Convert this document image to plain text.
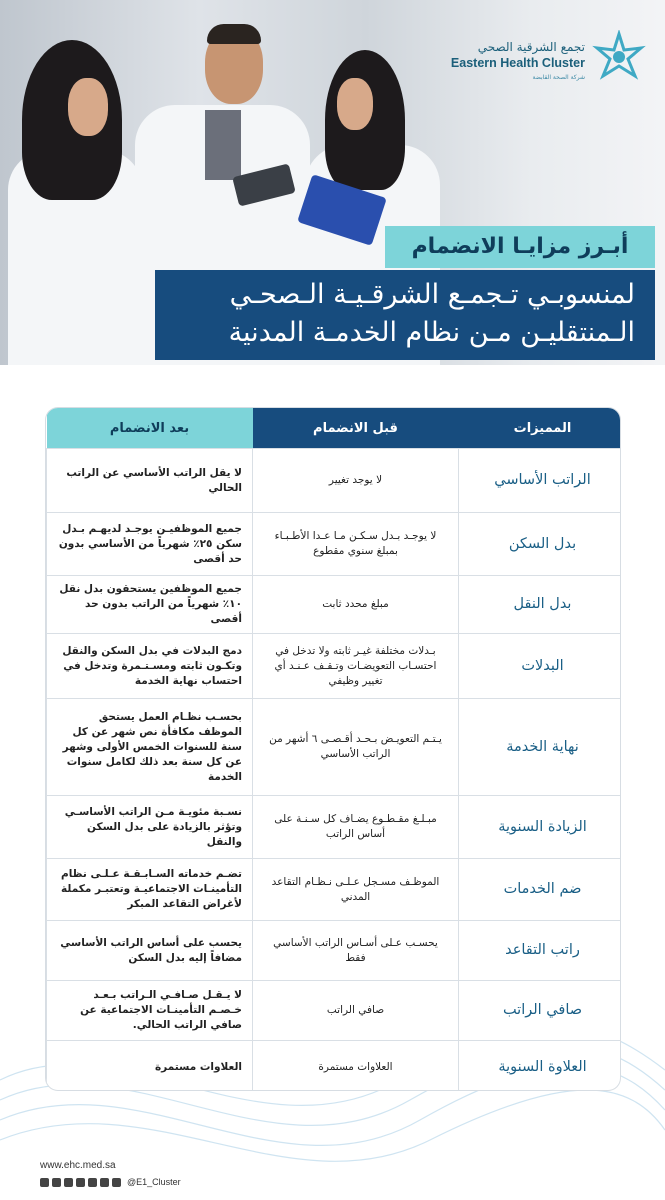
تجمع الشرقية الصحي
Eastern Health Cluster
شركة الصحة القابضة
أبـرز مزايـا الانضمام
لمنسوبـي تـجمـع الشرقـيـة الـصحـي
الـمنتقليـن مـن نظام الخدمـة المدنية
المميزات	قبل الانضمام	بعد الانضمام
الراتب الأساسي	لا يوجد تغيير	لا يقل الراتب الأساسي عن الراتب الحالي
بدل السكن	لا يوجـد بـدل سـكـن مـا عـدا الأطـبـاء بمبلغ سنوي مقطوع	جميع الموظفيـن يوجـد لديهـم بـدل سكن ٢٥٪ شهرياً من الأساسي بدون حد أقصى
بدل النقل	مبلغ محدد ثابت	جميع الموظفين يستحقون بدل نقل ١٠٪ شهرياً من الراتب بدون حد أقصى
البدلات	بـدلات مختلفة غيـر ثابته ولا تدخل في احتسـاب التعويضـات وتـقـف عـنـد أي تغيير وظيفي	دمج البدلات في بدل السكن والنقل وتكـون ثابته ومسـتـمرة وتدخل في احتساب نهاية الخدمة
نهاية الخدمة	يـتـم التعويـض بـحـد أقـصـى ٦ أشهر من الراتب الأساسي	بحسـب نظـام العمل يستحق الموظف مكافأة نص شهر عن كل سنة للسنوات الخمس الأولى وشهر عن كل سنة بعد ذلك لكامل سنوات الخدمة
الزيادة السنوية	مبـلـغ مقـطـوع يضـاف كل سـنـة على أساس الراتب	نسـبة مئويـة مـن الراتب الأساسـي وتؤثر بالزيادة على بدل السكن والنقل
ضم الخدمات	الموظـف مسـجل عـلـى نـظـام التقاعد المدني	تضـم خدماته السـابـقـة عـلـى نظام التأمينـات الاجتماعيـة وتعتبـر مكملة لأغراض التقاعد المبكر
راتب التقاعد	يحسـب عـلى أسـاس الراتب الأساسي فقط	يحسب على أساس الراتب الأساسي مضافاً إليه بدل السكن
صافي الراتب	صافي الراتب	لا يـقـل صـافـي الـراتب بـعـد خـصـم التأمينـات الاجتماعية عن صافي الراتب الحالي.
العلاوة السنوية	العلاوات مستمرة	العلاوات مستمرة
www.ehc.med.sa
@E1_Cluster
